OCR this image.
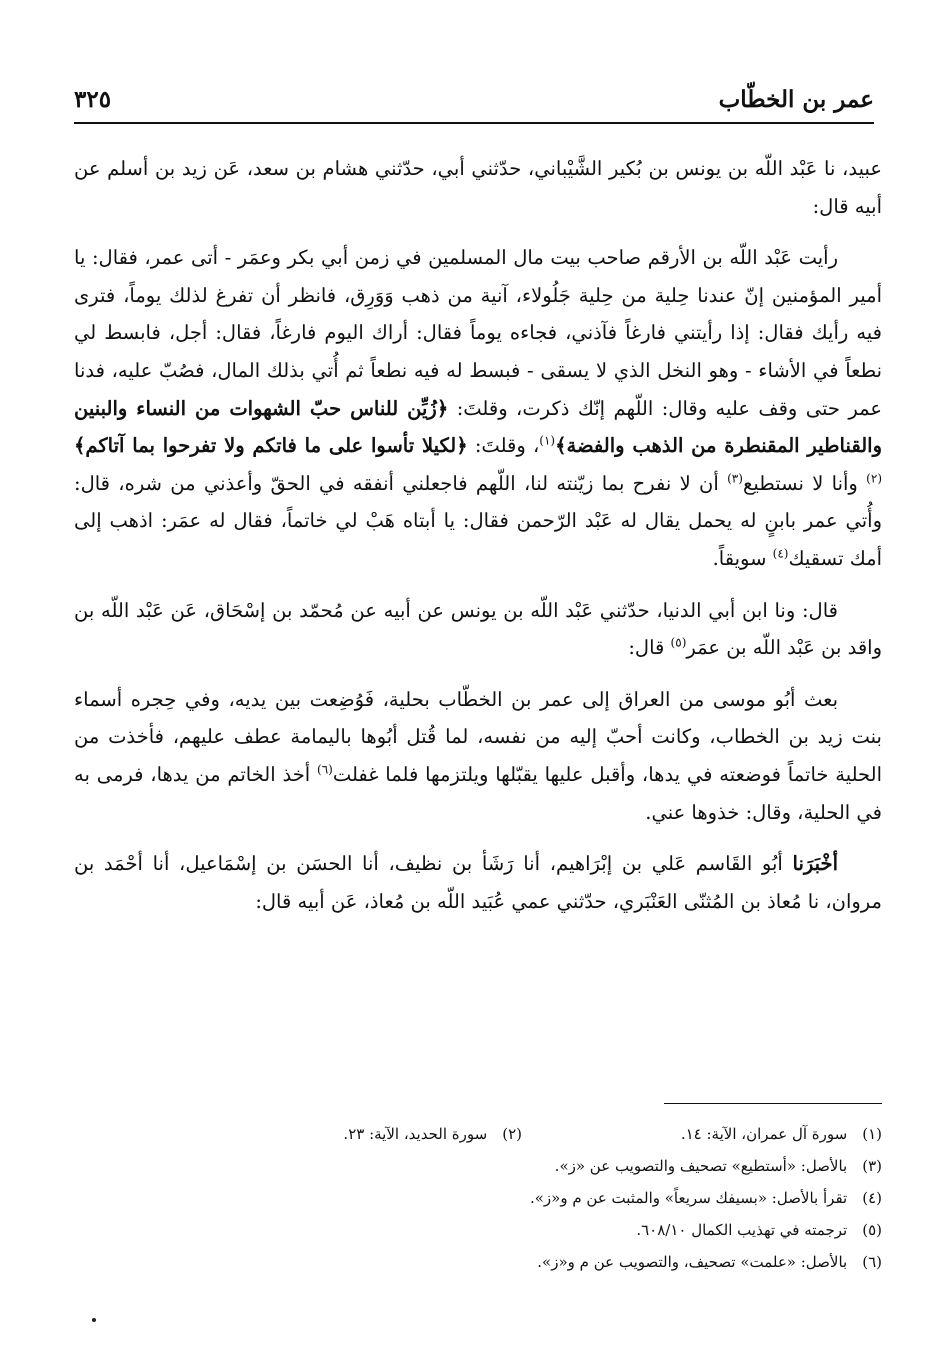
عمر بن الخطّاب
٣٢٥

عبيد، نا عَبْد اللّه بن يونس بن بُكير الشَّيْباني، حدّثني أبي، حدّثني هشام بن سعد، عَن زيد بن أسلم عن أبيه قال:

رأيت عَبْد اللّه بن الأرقم صاحب بيت مال المسلمين في زمن أبي بكر وعمَر - أتى عمر، فقال: يا أمير المؤمنين إنّ عندنا حِلية من حِلية جَلُولاء، آنية من ذهب وَوَرِق، فانظر أن تفرغ لذلك يوماً، فترى فيه رأيك فقال: إذا رأيتني فارغاً فآذني، فجاءه يوماً فقال: أراك اليوم فارغاً، فقال: أجل، فابسط لي نطعاً في الأشاء - وهو النخل الذي لا يسقى - فبسط له فيه نطعاً ثم أُتي بذلك المال، فصُبّ عليه، فدنا عمر حتى وقف عليه وقال: اللّهم إنّك ذكرت، وقلتَ: ﴿زُيِّن للناس حبّ الشهوات من النساء والبنين والقناطير المقنطرة من الذهب والفضة﴾$^{(١)}$، وقلتَ: ﴿لكيلا تأسوا على ما فاتكم ولا تفرحوا بما آتاكم﴾$^{(٢)}$ وأنا لا نستطيع$^{(٣)}$ أن لا نفرح بما زيّنته لنا، اللّهم فاجعلني أنفقه في الحقّ وأعذني من شره، قال: وأُتي عمر بابنٍ له يحمل يقال له عَبْد الرّحمن فقال: يا أبتاه هَبْ لي خاتماً، فقال له عمَر: اذهب إلى أمك تسقيك$^{(٤)}$ سويقاً.

قال: ونا ابن أبي الدنيا، حدّثني عَبْد اللّه بن يونس عن أبيه عن مُحمّد بن إسْحَاق، عَن عَبْد اللّه بن واقد بن عَبْد اللّه بن عمَر$^{(٥)}$ قال:

بعث أبُو موسى من العراق إلى عمر بن الخطّاب بحلية، فَوُضِعت بين يديه، وفي حِجره أسماء بنت زيد بن الخطاب، وكانت أحبّ إليه من نفسه، لما قُتل أبُوها باليمامة عطف عليهم، فأخذت من الحلية خاتماً فوضعته في يدها، وأقبل عليها يقبّلها ويلتزمها فلما غفلت$^{(٦)}$ أخذ الخاتم من يدها، فرمى به في الحلية، وقال: خذوها عني.

أخْبَرَنا أبُو القَاسم عَلي بن إبْرَاهيم، أنا رَشَأ بن نظيف، أنا الحسَن بن إسْمَاعيل، أنا أحْمَد بن مروان، نا مُعاذ بن المُثنّى العَنْبَري، حدّثني عمي عُبَيد اللّه بن مُعاذ، عَن أبيه قال:

(١) سورة آل عمران، الآية: ١٤.
(٢) سورة الحديد، الآية: ٢٣.
(٣) بالأصل: «أستطيع» تصحيف والتصويب عن «ز».
(٤) تقرأ بالأصل: «بسيفك سريعاً» والمثبت عن م و«ز».
(٥) ترجمته في تهذيب الكمال ٦٠٨/١٠.
(٦) بالأصل: «علمت» تصحيف، والتصويب عن م و«ز».
